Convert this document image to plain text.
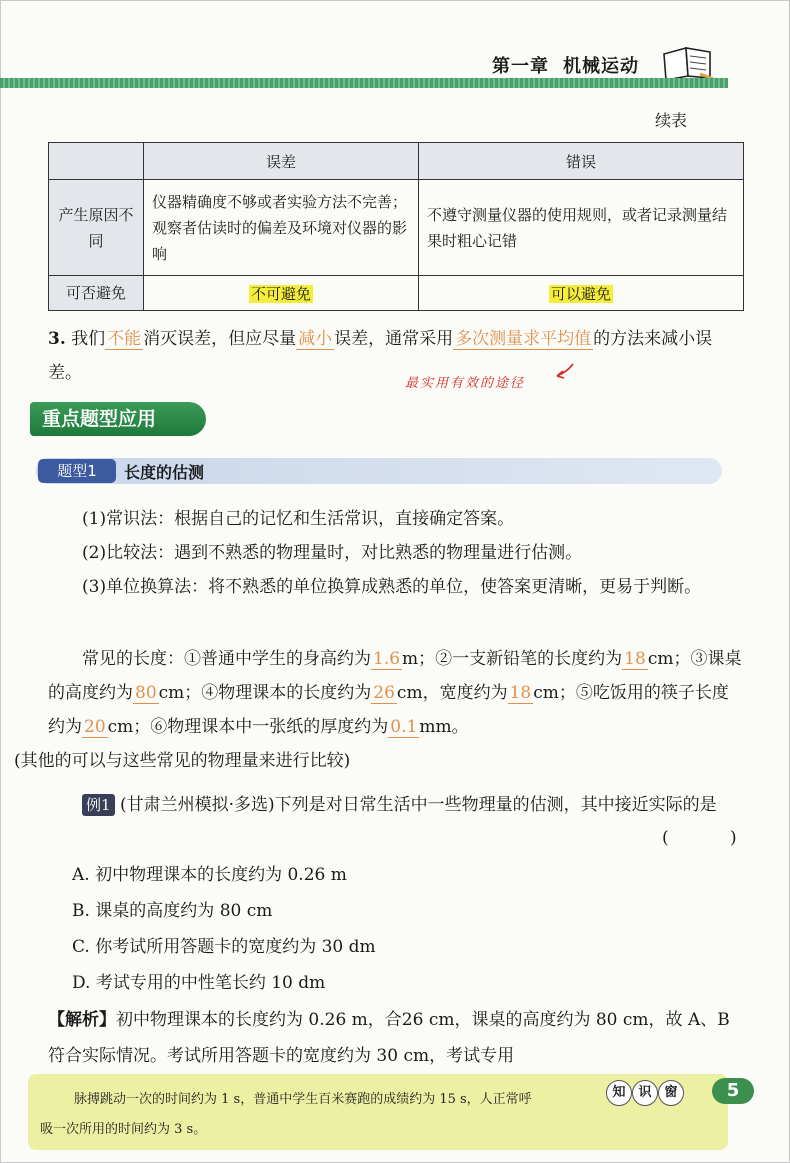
第一章 机械运动
续表
	误差	错误
产生原因不同	仪器精确度不够或者实验方法不完善；观察者估读时的偏差及环境对仪器的影响	不遵守测量仪器的使用规则，或者记录测量结果时粗心记错
可否避免	不可避免	可以避免
3. 我们 不能 消灭误差，但应尽量 减小 误差，通常采用 多次测量求平均值 的方法来减小误差。
最实用有效的途径
重点题型应用
题型1	长度的估测
(1)常识法：根据自己的记忆和生活常识，直接确定答案。
(2)比较法：遇到不熟悉的物理量时，对比熟悉的物理量进行估测。
(3)单位换算法：将不熟悉的单位换算成熟悉的单位，使答案更清晰，更易于判断。
常见的长度：①普通中学生的身高约为 1.6 m；②一支新铅笔的长度约为 18 cm；③课桌的高度约为 80 cm；④物理课本的长度约为 26 cm，宽度约为 18 cm；⑤吃饭用的筷子长度约为 20 cm；⑥物理课本中一张纸的厚度约为 0.1 mm。
(其他的可以与这些常见的物理量来进行比较)
例1 (甘肃兰州模拟·多选)下列是对日常生活中一些物理量的估测，其中接近实际的是
( )
A. 初中物理课本的长度约为 0.26 m
B. 课桌的高度约为 80 cm
C. 你考试所用答题卡的宽度约为 30 dm
D. 考试专用的中性笔长约 10 dm
【解析】初中物理课本的长度约为 0.26 m，合26 cm，课桌的高度约为 80 cm，故 A、B 符合实际情况。考试所用答题卡的宽度约为 30 cm，考试专用
脉搏跳动一次的时间约为 1 s，普通中学生百米赛跑的成绩约为 15 s，人正常呼
吸一次所用的时间约为 3 s。
知 识 窗	5
